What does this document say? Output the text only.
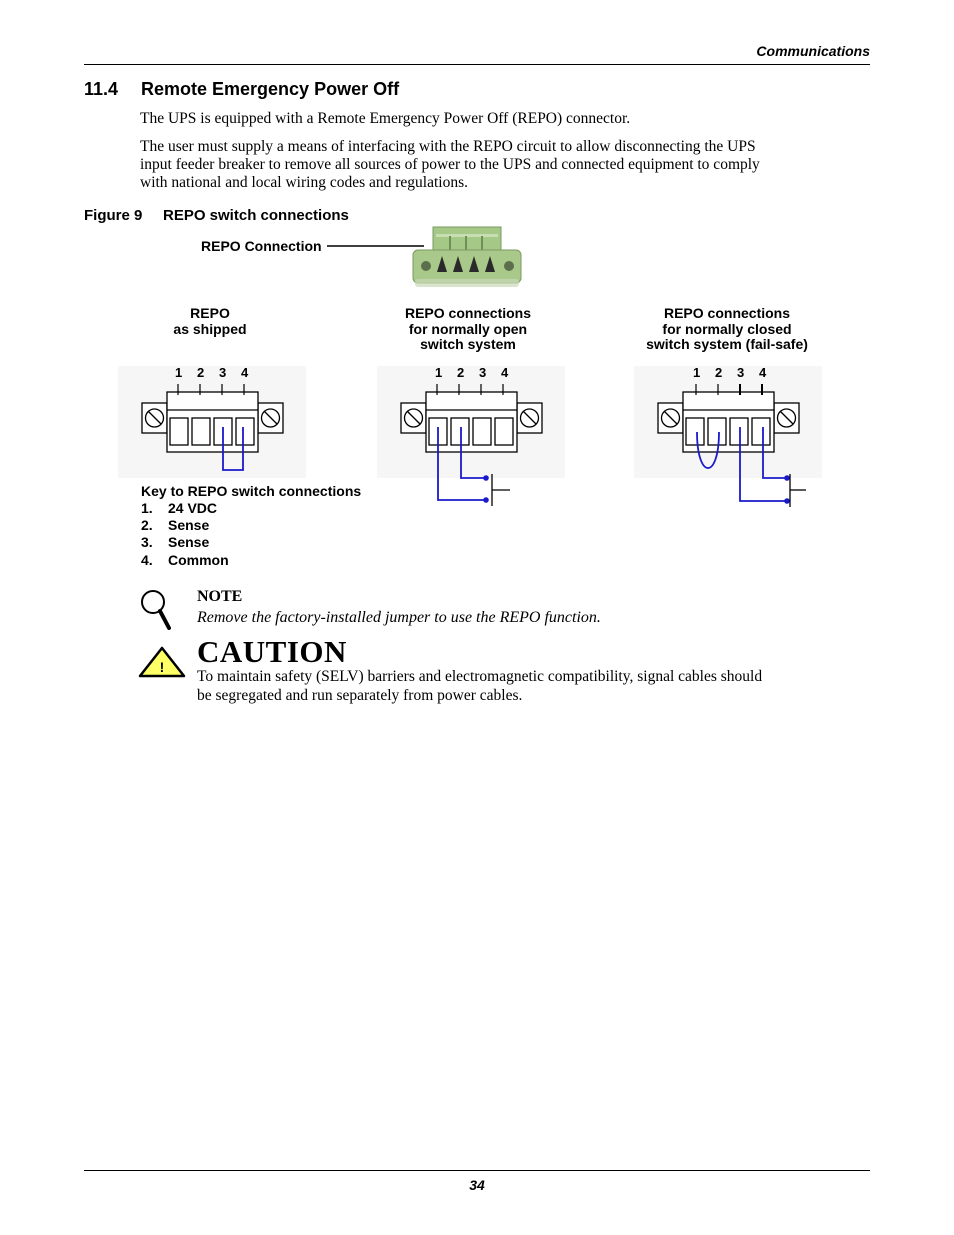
Communications
11.4 Remote Emergency Power Off
The UPS is equipped with a Remote Emergency Power Off (REPO) connector.
The user must supply a means of interfacing with the REPO circuit to allow disconnecting the UPS
input feeder breaker to remove all sources of power to the UPS and connected equipment to comply
with national and local wiring codes and regulations.
Figure 9 REPO switch connections
REPO Connection
!
REPO
as shipped
REPO connections
for normally open
switch system
REPO connections
for normally closed
switch system (fail-safe)
1 2 3 4	1 2 3 4	1 2 3 4
Key to REPO switch connections
1. 24 VDC
2. Sense
3. Sense
4. Common
NOTE
Remove the factory-installed jumper to use the REPO function.
CAUTION
To maintain safety (SELV) barriers and electromagnetic compatibility, signal cables should
be segregated and run separately from power cables.
34
